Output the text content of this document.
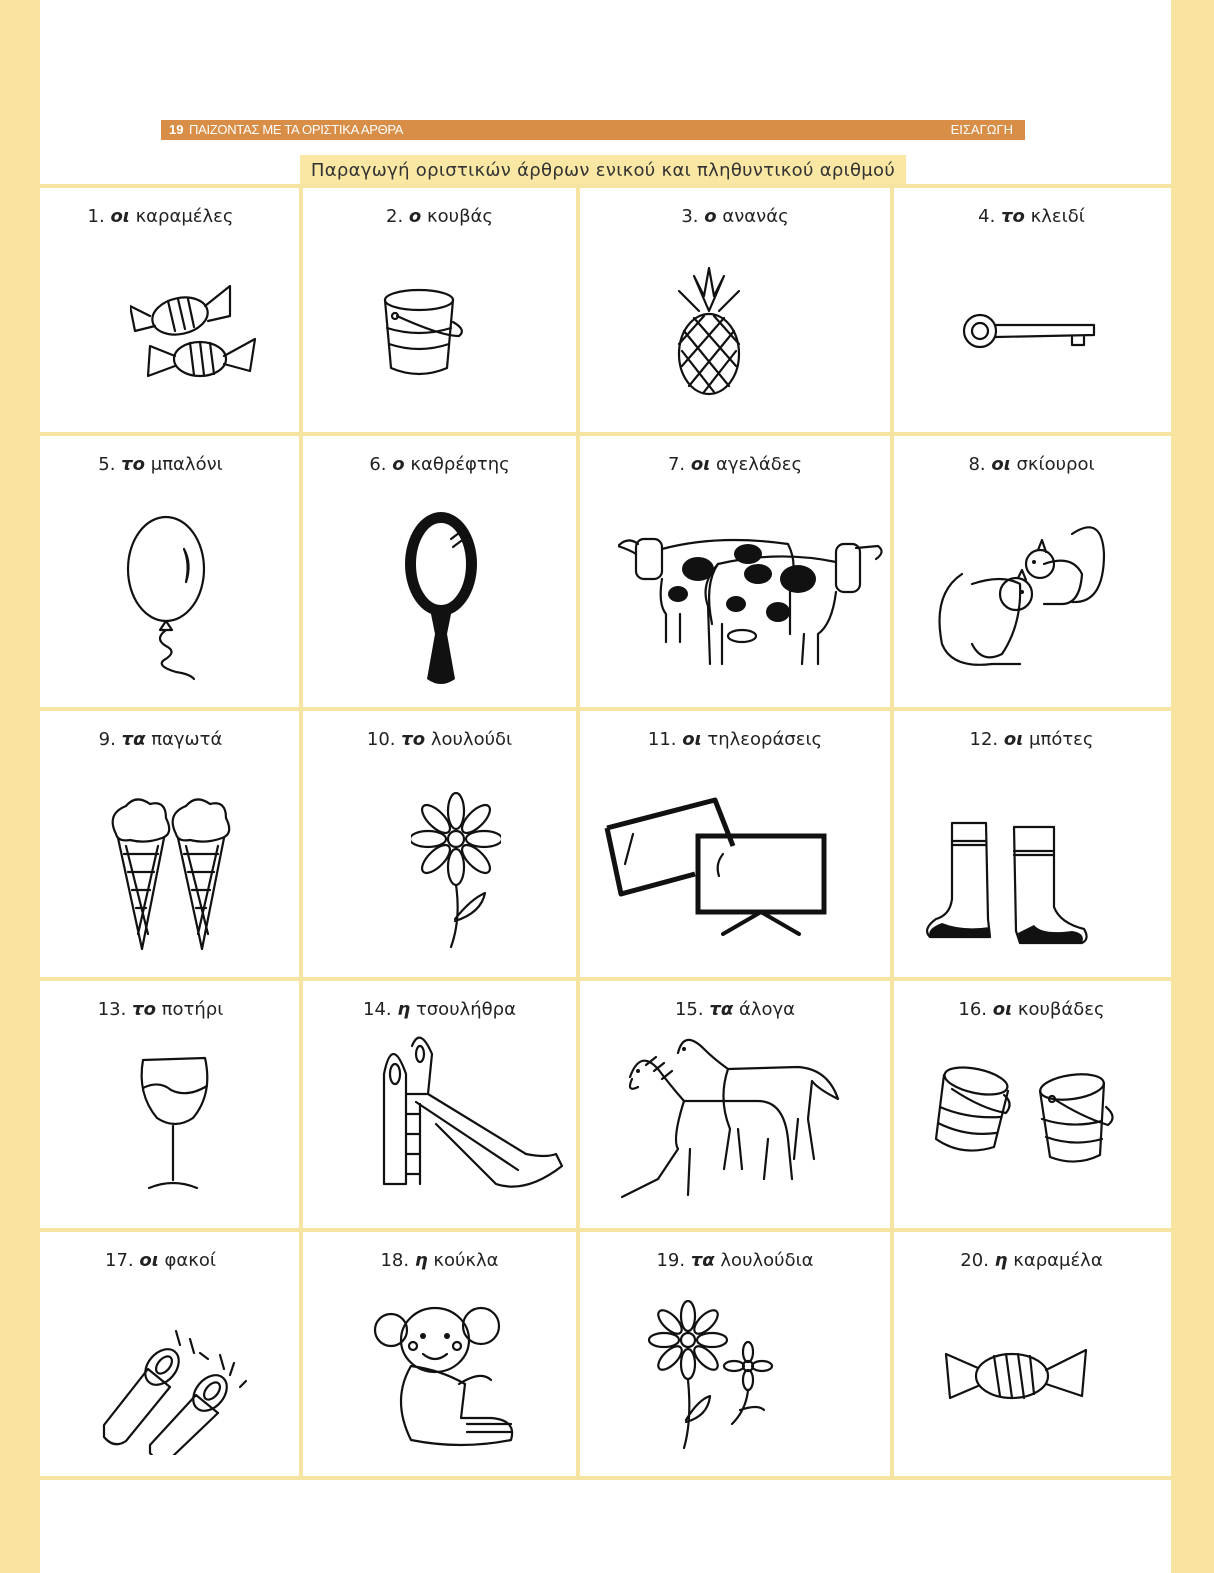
19 ΠΑΙΖΟΝΤΑΣ ΜΕ ΤΑ ΟΡΙΣΤΙΚΑ ΑΡΘΡΑ	ΕΙΣΑΓΩΓΗ
Παραγωγή οριστικών άρθρων ενικού και πληθυντικού αριθμού
1. οι καραμέλες	2. ο κουβάς	3. ο ανανάς	4. το κλειδί
5. το μπαλόνι	6. ο καθρέφτης	7. οι αγελάδες	8. οι σκίουροι
9. τα παγωτά	10. το λουλούδι	11. οι τηλεοράσεις	12. οι μπότες
13. το ποτήρι	14. η τσουλήθρα	15. τα άλογα	16. οι κουβάδες
17. οι φακοί	18. η κούκλα	19. τα λουλούδια	20. η καραμέλα
